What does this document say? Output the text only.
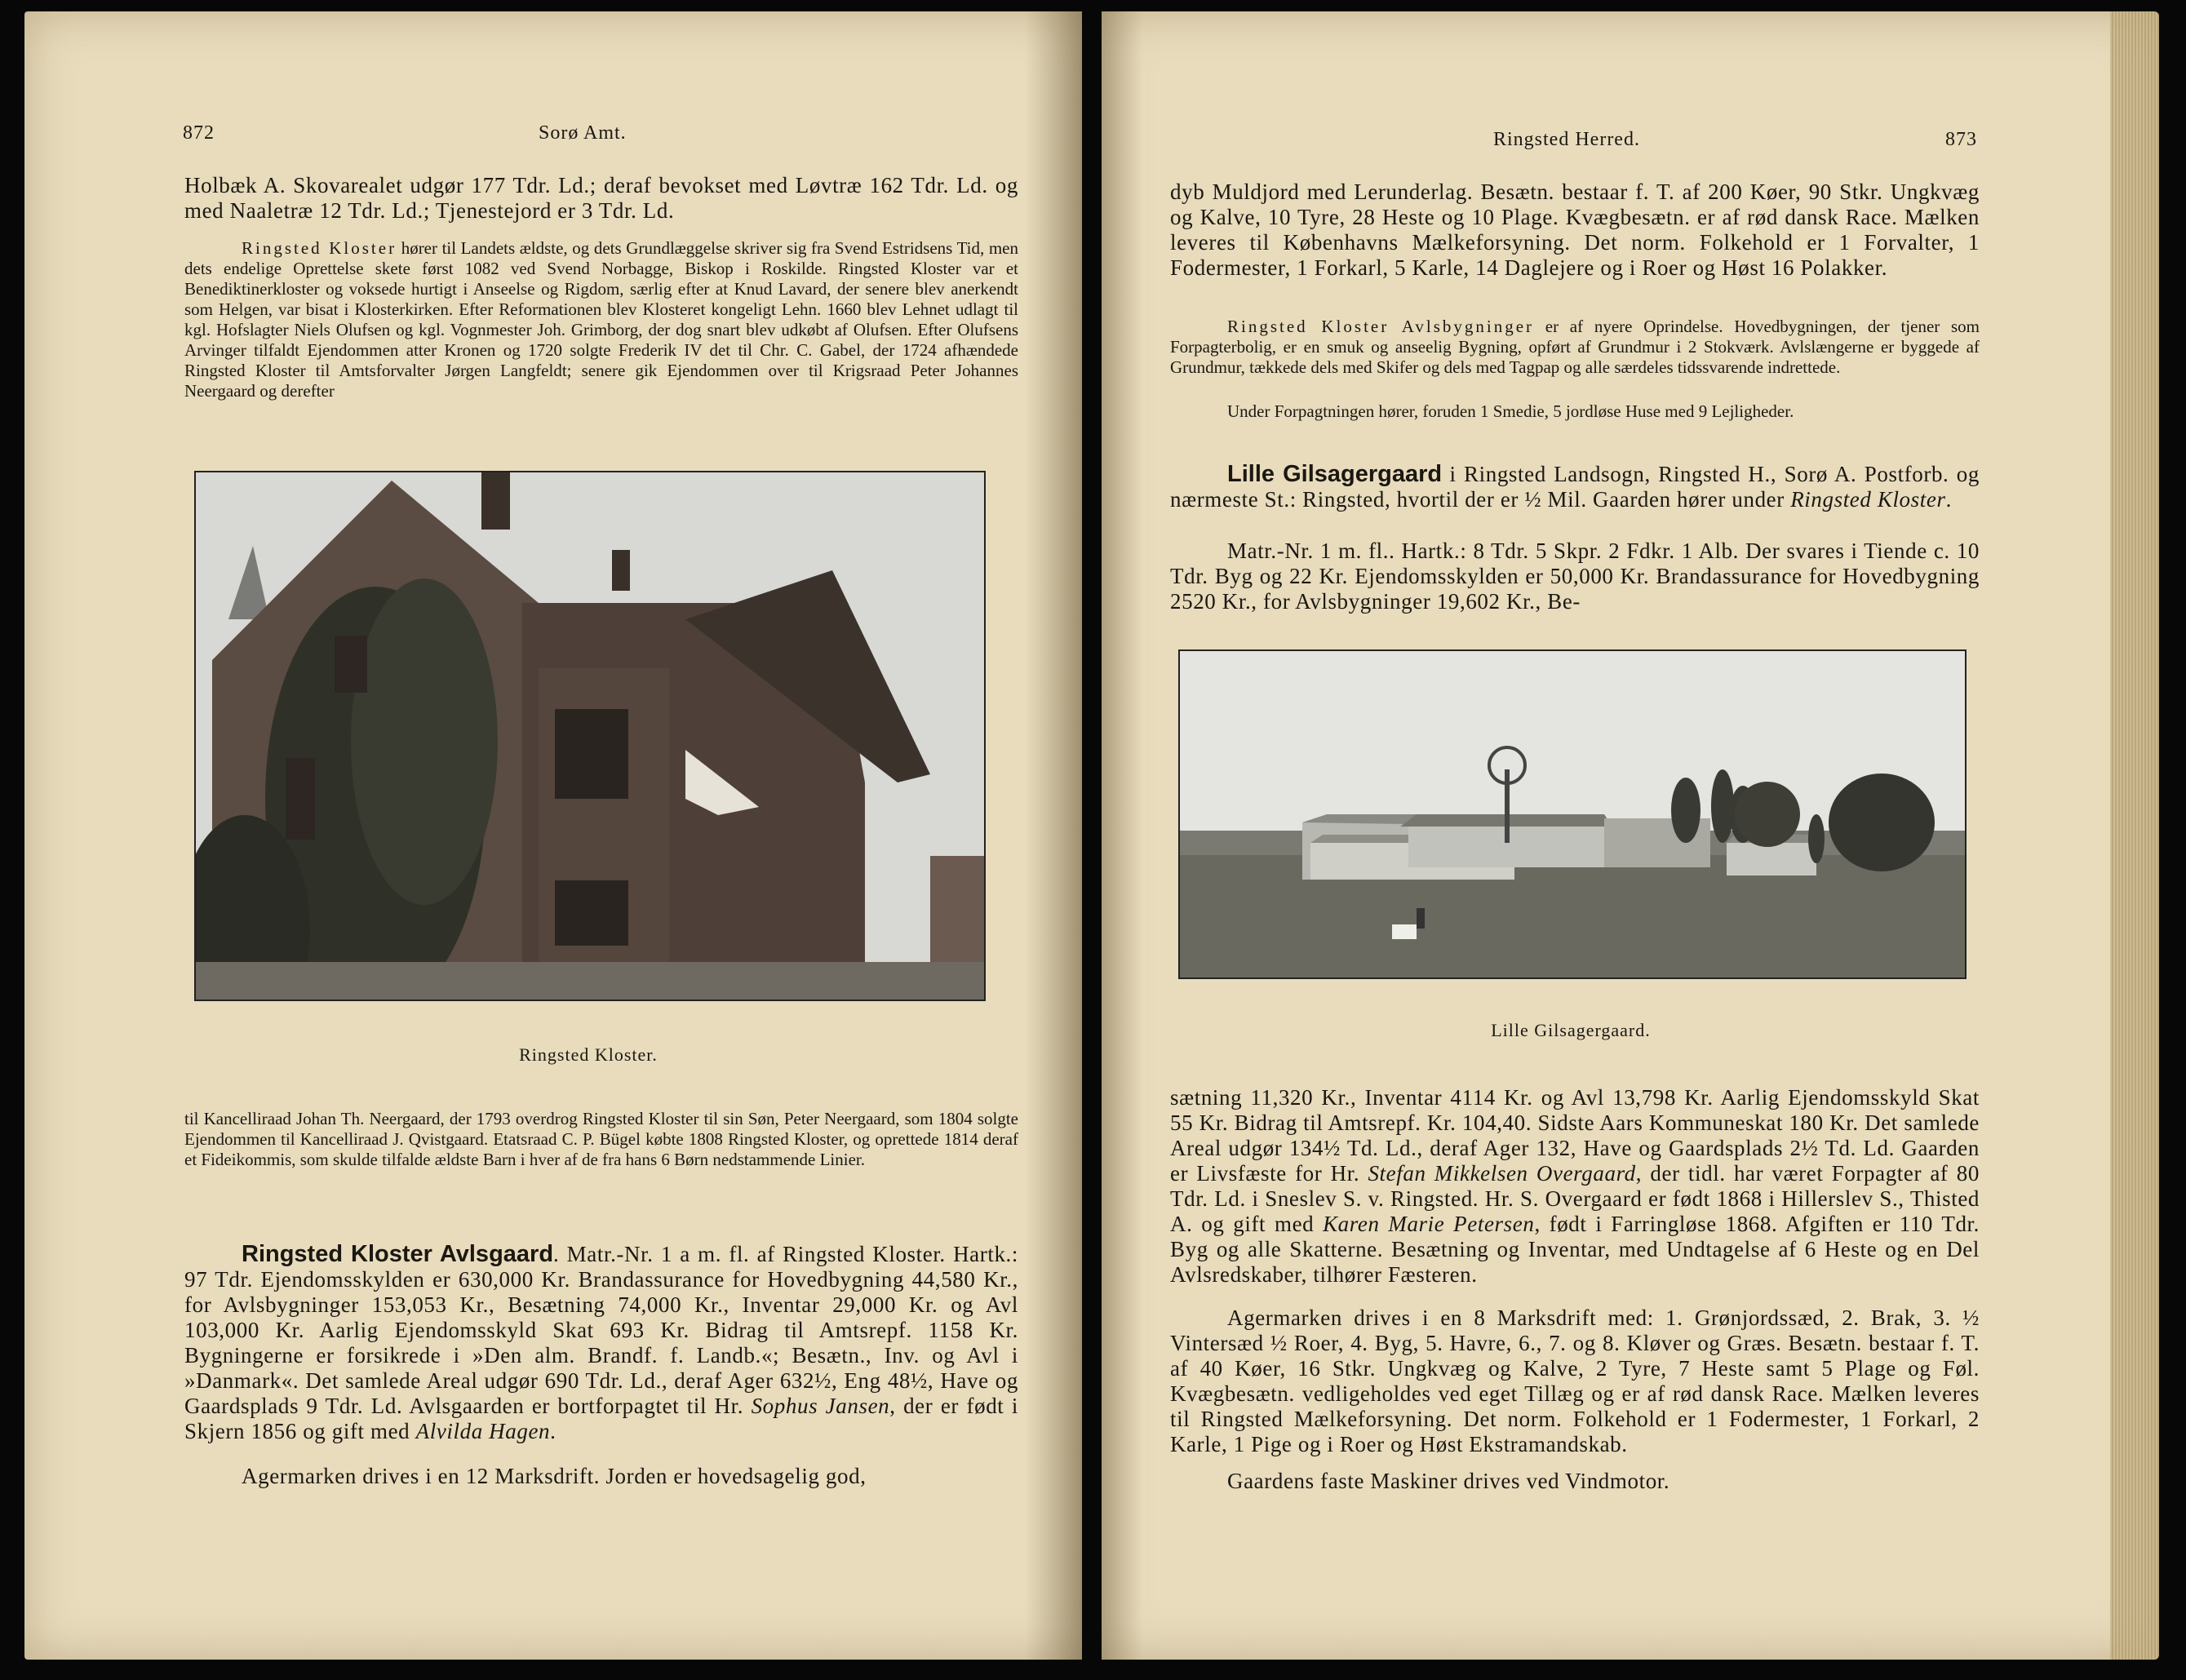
872	Sorø Amt.

Holbæk A. Skovarealet udgør 177 Tdr. Ld.; deraf bevokset med Løvtræ 162 Tdr. Ld. og med Naaletræ 12 Tdr. Ld.; Tjenestejord er 3 Tdr. Ld.

Ringsted Kloster hører til Landets ældste, og dets Grundlæggelse skriver sig fra Svend Estridsens Tid, men dets endelige Oprettelse skete først 1082 ved Svend Norbagge, Biskop i Roskilde. Ringsted Kloster var et Benediktinerkloster og voksede hurtigt i Anseelse og Rigdom, særlig efter at Knud Lavard, der senere blev anerkendt som Helgen, var bisat i Klosterkirken. Efter Reformationen blev Klosteret kongeligt Lehn. 1660 blev Lehnet udlagt til kgl. Hofslagter Niels Olufsen og kgl. Vognmester Joh. Grimborg, der dog snart blev udkøbt af Olufsen. Efter Olufsens Arvinger tilfaldt Ejendommen atter Kronen og 1720 solgte Frederik IV det til Chr. C. Gabel, der 1724 afhændede Ringsted Kloster til Amtsforvalter Jørgen Langfeldt; senere gik Ejendommen over til Krigsraad Peter Johannes Neergaard og derefter

Ringsted Kloster.

til Kancelliraad Johan Th. Neergaard, der 1793 overdrog Ringsted Kloster til sin Søn, Peter Neergaard, som 1804 solgte Ejendommen til Kancelliraad J. Qvistgaard. Etatsraad C. P. Bügel købte 1808 Ringsted Kloster, og oprettede 1814 deraf et Fideikommis, som skulde tilfalde ældste Barn i hver af de fra hans 6 Børn nedstammende Linier.

Ringsted Kloster Avlsgaard. Matr.-Nr. 1 a m. fl. af Ringsted Kloster. Hartk.: 97 Tdr. Ejendomsskylden er 630,000 Kr. Brandassurance for Hovedbygning 44,580 Kr., for Avlsbygninger 153,053 Kr., Besætning 74,000 Kr., Inventar 29,000 Kr. og Avl 103,000 Kr. Aarlig Ejendomsskyld Skat 693 Kr. Bidrag til Amtsrepf. 1158 Kr. Bygningerne er forsikrede i »Den alm. Brandf. f. Landb.«; Besætn., Inv. og Avl i »Danmark«. Det samlede Areal udgør 690 Tdr. Ld., deraf Ager 632½, Eng 48½, Have og Gaardsplads 9 Tdr. Ld. Avlsgaarden er bortforpagtet til Hr. Sophus Jansen, der er født i Skjern 1856 og gift med Alvilda Hagen.

Agermarken drives i en 12 Marksdrift. Jorden er hovedsagelig god,

Ringsted Herred.	873

dyb Muldjord med Lerunderlag. Besætn. bestaar f. T. af 200 Køer, 90 Stkr. Ungkvæg og Kalve, 10 Tyre, 28 Heste og 10 Plage. Kvægbesætn. er af rød dansk Race. Mælken leveres til Københavns Mælkeforsyning. Det norm. Folkehold er 1 Forvalter, 1 Fodermester, 1 Forkarl, 5 Karle, 14 Daglejere og i Roer og Høst 16 Polakker.

Ringsted Kloster Avlsbygninger er af nyere Oprindelse. Hovedbygningen, der tjener som Forpagterbolig, er en smuk og anseelig Bygning, opført af Grundmur i 2 Stokværk. Avlslængerne er byggede af Grundmur, tækkede dels med Skifer og dels med Tagpap og alle særdeles tidssvarende indrettede.

Under Forpagtningen hører, foruden 1 Smedie, 5 jordløse Huse med 9 Lejligheder.

Lille Gilsagergaard i Ringsted Landsogn, Ringsted H., Sorø A. Postforb. og nærmeste St.: Ringsted, hvortil der er ½ Mil. Gaarden hører under Ringsted Kloster.

Matr.-Nr. 1 m. fl.. Hartk.: 8 Tdr. 5 Skpr. 2 Fdkr. 1 Alb. Der svares i Tiende c. 10 Tdr. Byg og 22 Kr. Ejendomsskylden er 50,000 Kr. Brandassurance for Hovedbygning 2520 Kr., for Avlsbygninger 19,602 Kr., Be-

Lille Gilsagergaard.

sætning 11,320 Kr., Inventar 4114 Kr. og Avl 13,798 Kr. Aarlig Ejendomsskyld Skat 55 Kr. Bidrag til Amtsrepf. Kr. 104,40. Sidste Aars Kommuneskat 180 Kr. Det samlede Areal udgør 134½ Td. Ld., deraf Ager 132, Have og Gaardsplads 2½ Td. Ld. Gaarden er Livsfæste for Hr. Stefan Mikkelsen Overgaard, der tidl. har været Forpagter af 80 Tdr. Ld. i Sneslev S. v. Ringsted. Hr. S. Overgaard er født 1868 i Hillerslev S., Thisted A. og gift med Karen Marie Petersen, født i Farringløse 1868. Afgiften er 110 Tdr. Byg og alle Skatterne. Besætning og Inventar, med Undtagelse af 6 Heste og en Del Avlsredskaber, tilhører Fæsteren.

Agermarken drives i en 8 Marksdrift med: 1. Grønjordssæd, 2. Brak, 3. ½ Vintersæd ½ Roer, 4. Byg, 5. Havre, 6., 7. og 8. Kløver og Græs. Besætn. bestaar f. T. af 40 Køer, 16 Stkr. Ungkvæg og Kalve, 2 Tyre, 7 Heste samt 5 Plage og Føl. Kvægbesætn. vedligeholdes ved eget Tillæg og er af rød dansk Race. Mælken leveres til Ringsted Mælkeforsyning. Det norm. Folkehold er 1 Fodermester, 1 Forkarl, 2 Karle, 1 Pige og i Roer og Høst Ekstramandskab.

Gaardens faste Maskiner drives ved Vindmotor.
